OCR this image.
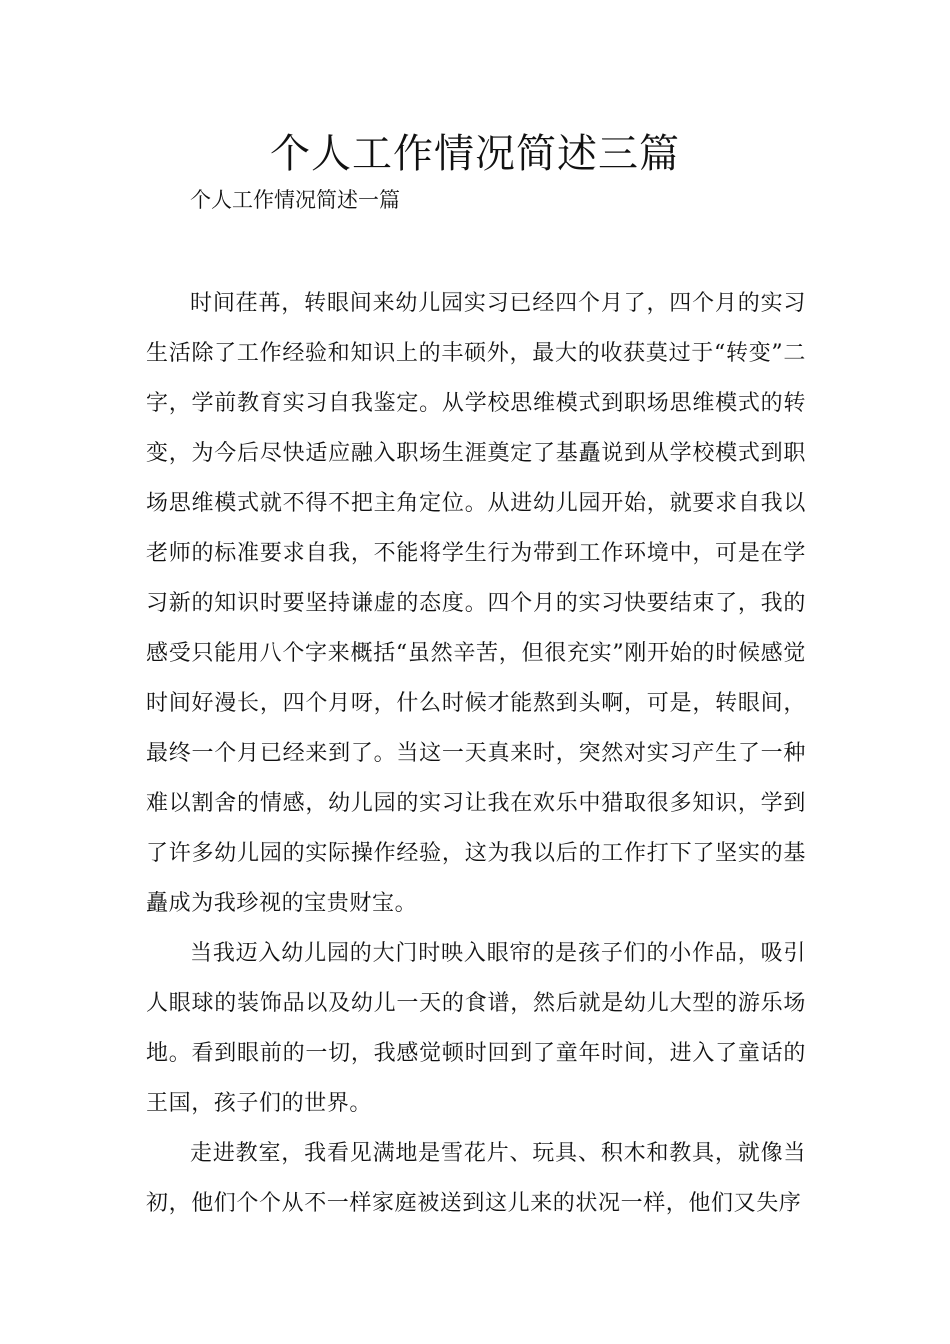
个人工作情况简述三篇

个人工作情况简述一篇

时间荏苒，转眼间来幼儿园实习已经四个月了，四个月的实习生活除了工作经验和知识上的丰硕外，最大的收获莫过于“转变”二字，学前教育实习自我鉴定。从学校思维模式到职场思维模式的转变，为今后尽快适应融入职场生涯奠定了基矗说到从学校模式到职场思维模式就不得不把主角定位。从进幼儿园开始，就要求自我以老师的标准要求自我，不能将学生行为带到工作环境中，可是在学习新的知识时要坚持谦虚的态度。四个月的实习快要结束了，我的感受只能用八个字来概括“虽然辛苦，但很充实”刚开始的时候感觉时间好漫长，四个月呀，什么时候才能熬到头啊，可是，转眼间，最终一个月已经来到了。当这一天真来时，突然对实习产生了一种难以割舍的情感，幼儿园的实习让我在欢乐中猎取很多知识，学到了许多幼儿园的实际操作经验，这为我以后的工作打下了坚实的基矗成为我珍视的宝贵财宝。

当我迈入幼儿园的大门时映入眼帘的是孩子们的小作品，吸引人眼球的装饰品以及幼儿一天的食谱，然后就是幼儿大型的游乐场地。看到眼前的一切，我感觉顿时回到了童年时间，进入了童话的王国，孩子们的世界。

走进教室，我看见满地是雪花片、玩具、积木和教具，就像当初，他们个个从不一样家庭被送到这儿来的状况一样，他们又失序
